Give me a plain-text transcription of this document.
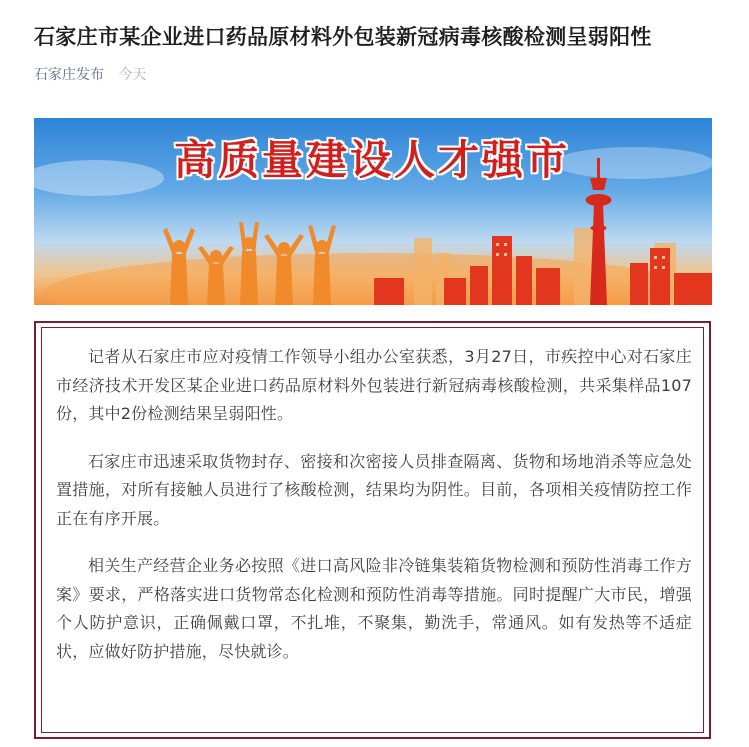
石家庄市某企业进口药品原材料外包装新冠病毒核酸检测呈弱阳性
石家庄发布 今天
高质量建设人才强市

记者从石家庄市应对疫情工作领导小组办公室获悉，3月27日，市疾控中心对石家庄市经济技术开发区某企业进口药品原材料外包装进行新冠病毒核酸检测，共采集样品107份，其中2份检测结果呈弱阳性。

石家庄市迅速采取货物封存、密接和次密接人员排查隔离、货物和场地消杀等应急处置措施，对所有接触人员进行了核酸检测，结果均为阴性。目前，各项相关疫情防控工作正在有序开展。

相关生产经营企业务必按照《进口高风险非冷链集装箱货物检测和预防性消毒工作方案》要求，严格落实进口货物常态化检测和预防性消毒等措施。同时提醒广大市民，增强个人防护意识，正确佩戴口罩，不扎堆，不聚集，勤洗手，常通风。如有发热等不适症状，应做好防护措施，尽快就诊。
